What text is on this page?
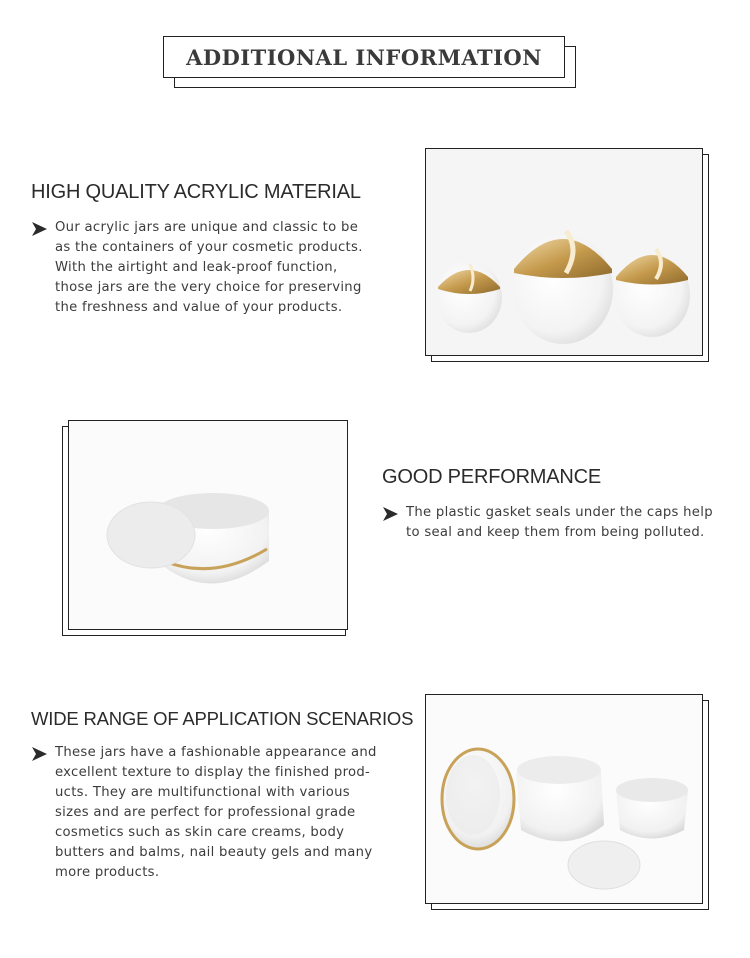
ADDITIONAL INFORMATION
HIGH QUALITY ACRYLIC MATERIAL
Our acrylic jars are unique and classic to be
as the containers of your cosmetic products.
With the airtight and leak-proof function,
those jars are the very choice for preserving
the freshness and value of your products.
GOOD PERFORMANCE
The plastic gasket seals under the caps help
to seal and keep them from being polluted.
WIDE RANGE OF APPLICATION SCENARIOS
These jars have a fashionable appearance and
excellent texture to display the finished prod-
ucts. They are multifunctional with various
sizes and are perfect for professional grade
cosmetics such as skin care creams, body
butters and balms, nail beauty gels and many
more products.
